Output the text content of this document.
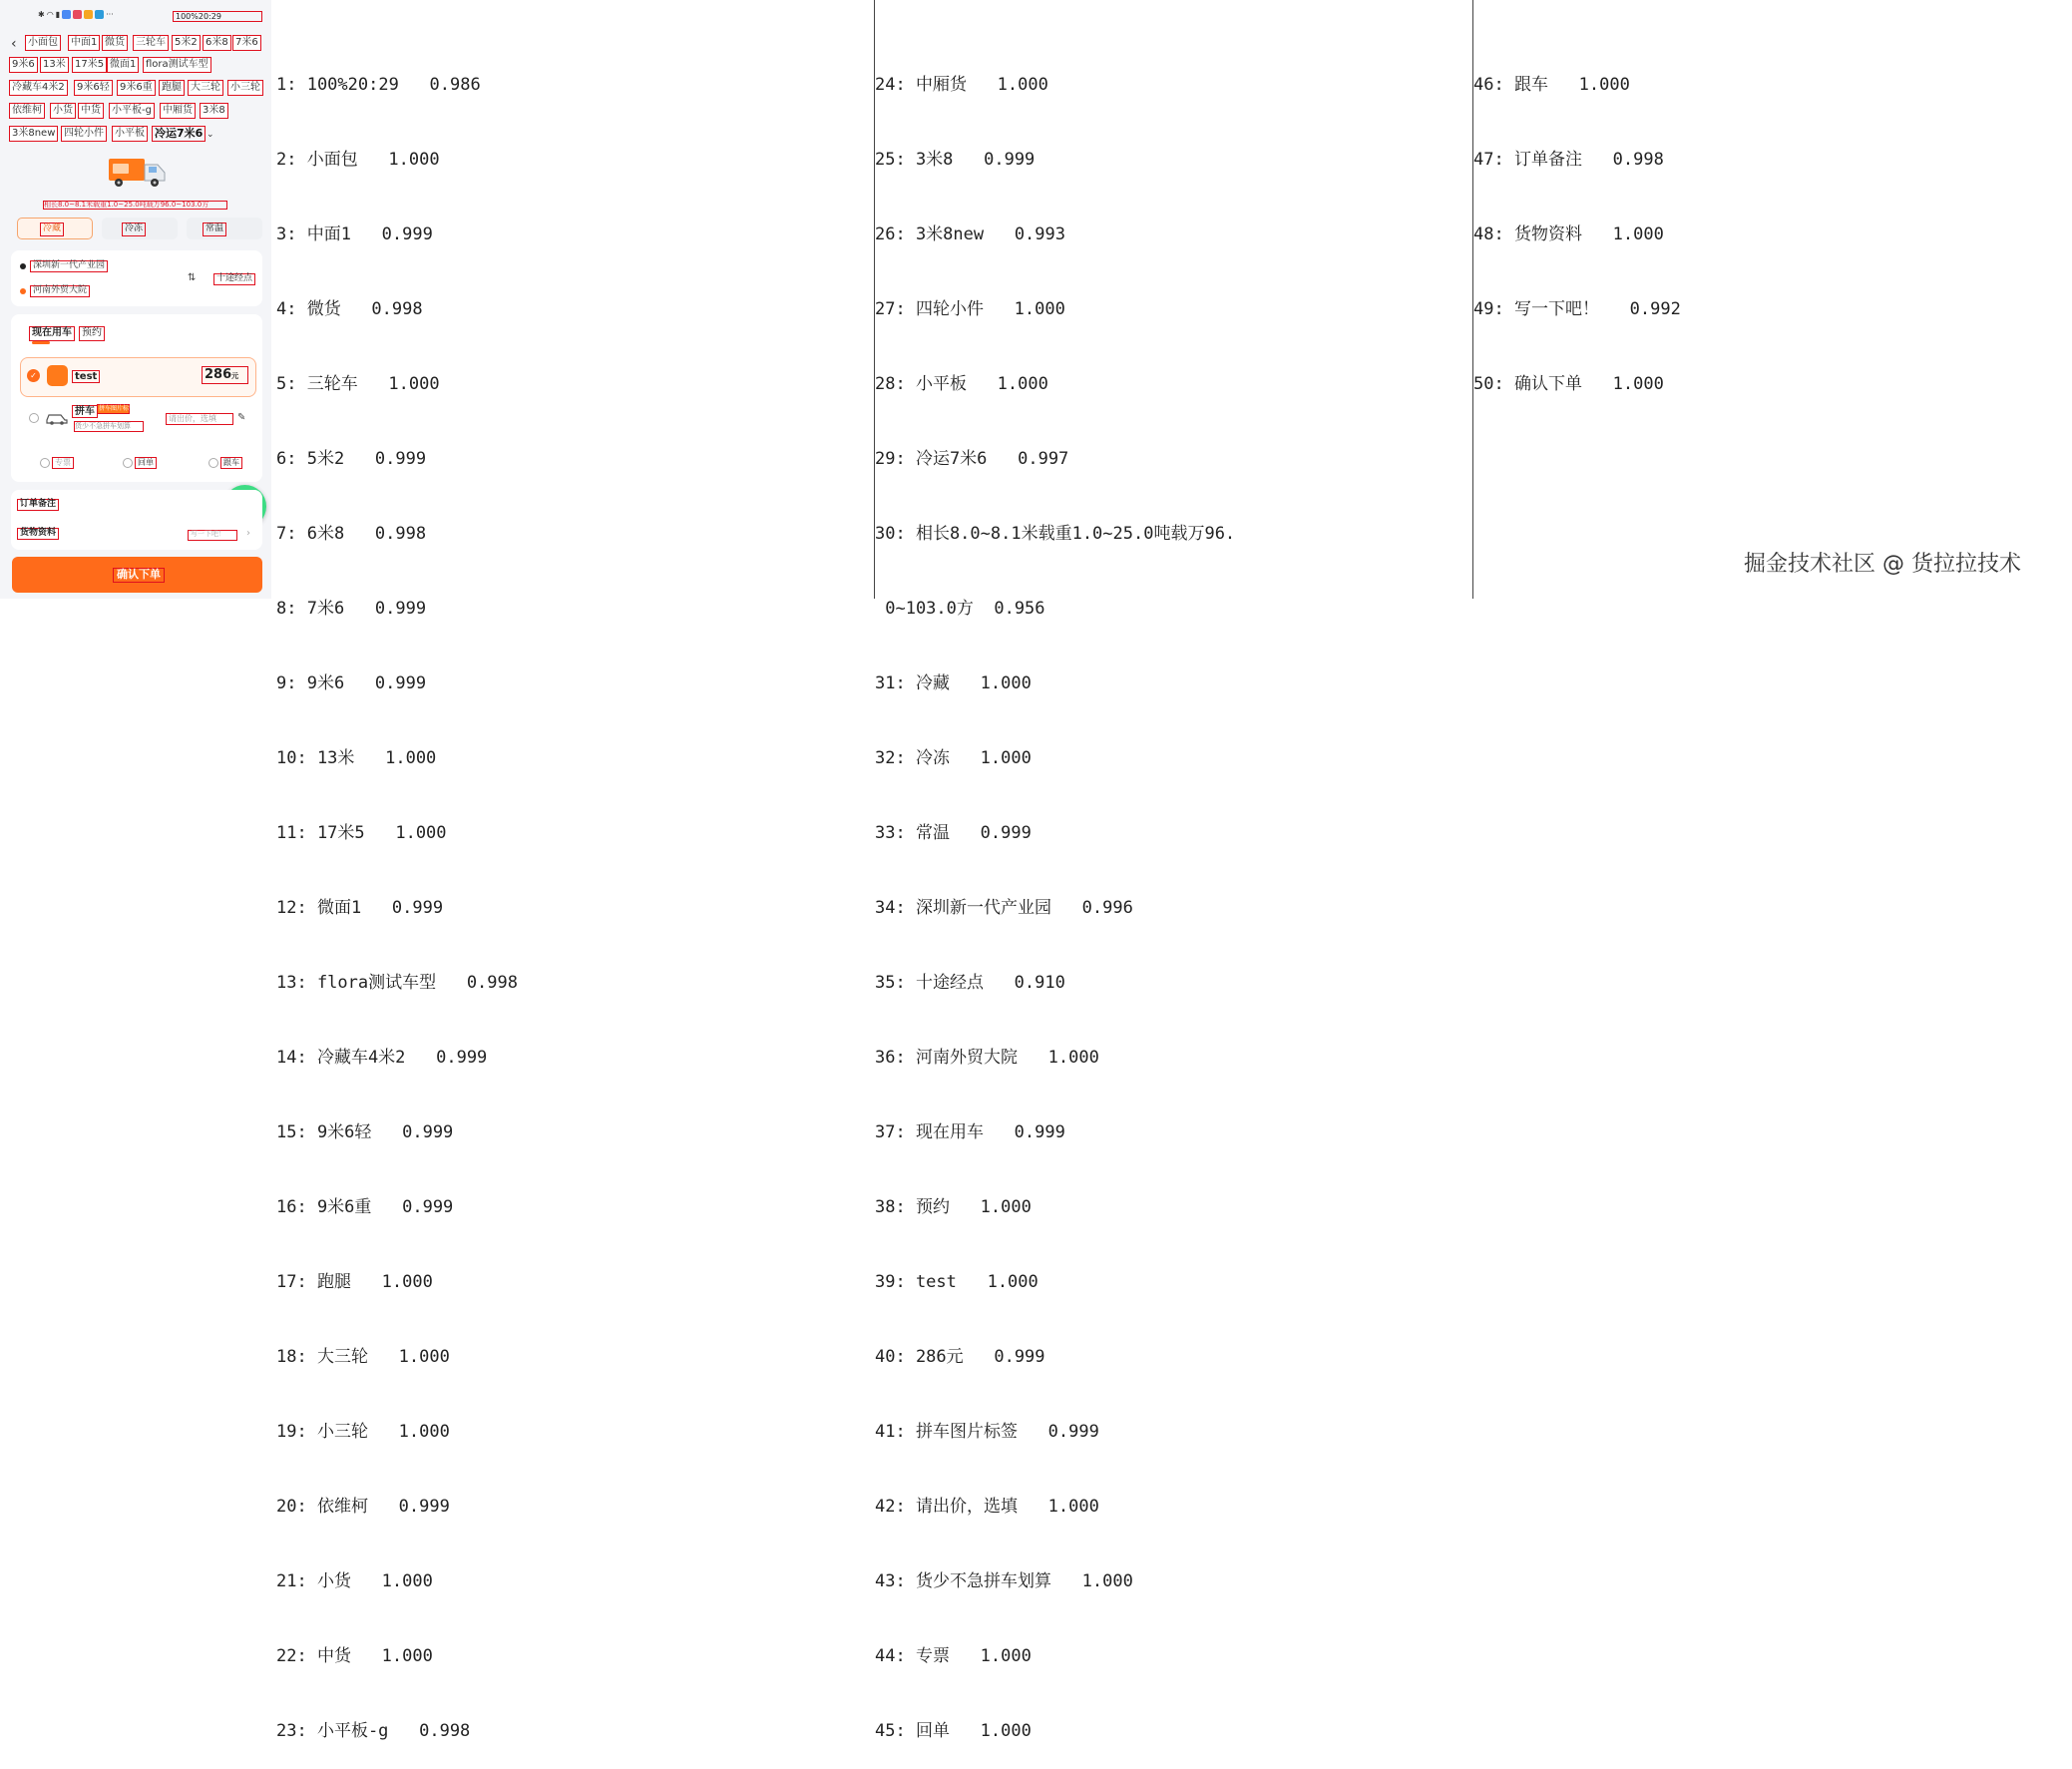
✱ ◠ ▮	···	100%20:29
‹	小面包	中面1 微货	三轮车 5米2 6米8 7米6
9米6 13米 17米5 微面1 flora测试车型
冷藏车4米2	9米6轻	9米6重 跑腿 大三轮	小三轮
依维柯	小货 中货	小平板-g	中厢货	3米8
3米8new 四轮小件	小平板 冷运7米6 ⌄
相长8.0~8.1米载重1.0~25.0吨载万96.0~103.0方
冷藏	冷冻	常温
深圳新一代产业园
河南外贸大院
⇅	十途经点
现在用车	预约
✓	test	286元
拼车 拼车图片标签
货少不急拼车划算
请出价，选填	✎
专票	回单	跟车
订单备注
货物资料	写一下吧！	›
确认下单

1: 100%20:29   0.986

2: 小面包   1.000

3: 中面1   0.999

4: 微货   0.998

5: 三轮车   1.000

6: 5米2   0.999

7: 6米8   0.998

8: 7米6   0.999

9: 9米6   0.999

10: 13米   1.000

11: 17米5   1.000

12: 微面1   0.999

13: flora测试车型   0.998

14: 冷藏车4米2   0.999

15: 9米6轻   0.999

16: 9米6重   0.999

17: 跑腿   1.000

18: 大三轮   1.000

19: 小三轮   1.000

20: 依维柯   0.999

21: 小货   1.000

22: 中货   1.000

23: 小平板-g   0.998

24: 中厢货   1.000

25: 3米8   0.999

26: 3米8new   0.993

27: 四轮小件   1.000

28: 小平板   1.000

29: 冷运7米6   0.997

30: 相长8.0~8.1米载重1.0~25.0吨载万96.

0~103.0方  0.956

31: 冷藏   1.000

32: 冷冻   1.000

33: 常温   0.999

34: 深圳新一代产业园   0.996

35: 十途经点   0.910

36: 河南外贸大院   1.000

37: 现在用车   0.999

38: 预约   1.000

39: test   1.000

40: 286元   0.999

41: 拼车图片标签   0.999

42: 请出价，选填   1.000

43: 货少不急拼车划算   1.000

44: 专票   1.000

45: 回单   1.000

46: 跟车   1.000

47: 订单备注   0.998

48: 货物资料   1.000

49: 写一下吧！   0.992

50: 确认下单   1.000

掘金技术社区 @ 货拉拉技术
